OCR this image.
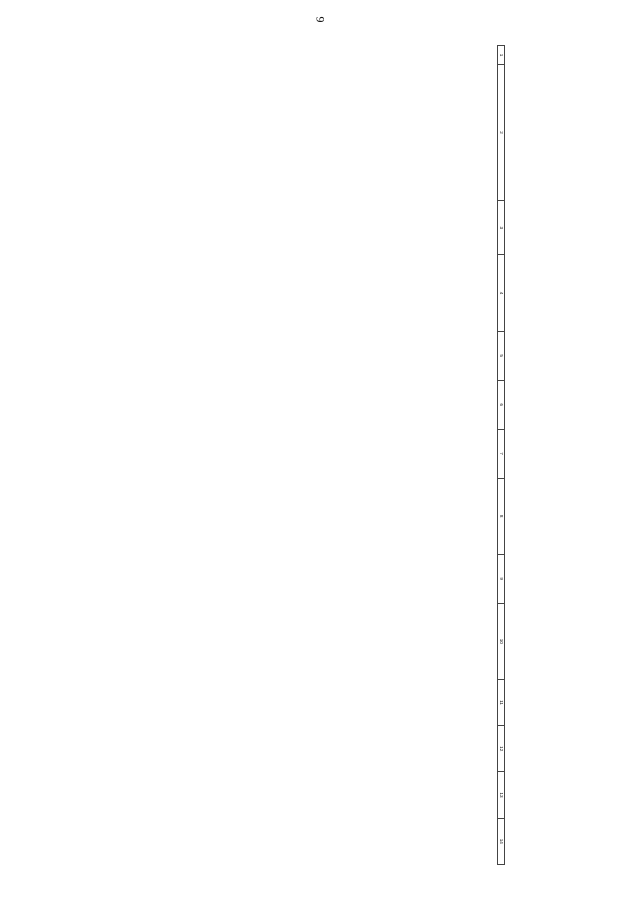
9
1	2	3	4	5	6	7	8	9	10	11	12	13	14
